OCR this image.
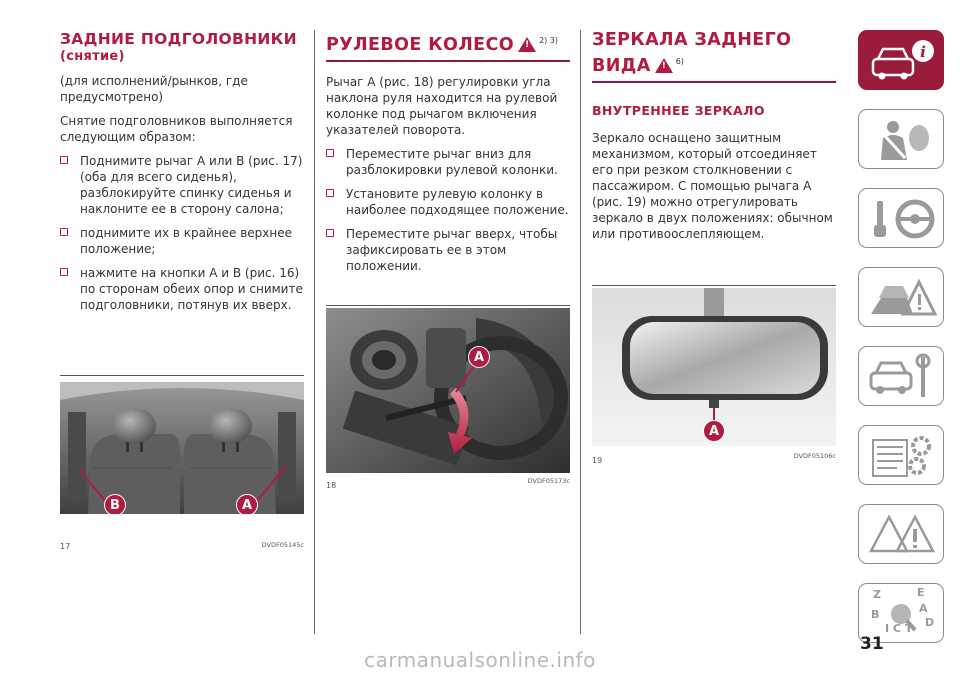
ЗАДНИЕ ПОДГОЛОВНИКИ
(снятие)

(для исполнений/рынков, где предусмотрено)

Снятие подголовников выполняется следующим образом:

Поднимите рычаг A или B (рис. 17) (оба для всего сиденья), разблокируйте спинку сиденья и наклоните ее в сторону салона;
поднимите их в крайнее верхнее положение;
нажмите на кнопки A и B (рис. 16) по сторонам обеих опор и снимите подголовники, потянув их вверх.
B	A
17	DVDF05145c
РУЛЕВОЕ КОЛЕСО !	$^{2) 3)}$

Рычаг A (рис. 18) регулировки угла наклона руля находится на рулевой колонке под рычагом включения указателей поворота.

Переместите рычаг вниз для разблокировки рулевой колонки.
Установите рулевую колонку в наиболее подходящее положение.
Переместите рычаг вверх, чтобы зафиксировать ее в этом положении.
A
18	DVDF05173c
ЗЕРКАЛА ЗАДНЕГО
ВИДА !	$^{6)}$
ВНУТРЕННЕЕ ЗЕРКАЛО

Зеркало оснащено защитным механизмом, который отсоединяет его при резком столкновении с пассажиром. С помощью рычага A (рис. 19) можно отрегулировать зеркало в двух положениях: обычном или противоослепляющем.

A
19	DVDF05106c
i
Z	E
A
B
C D
T
I
31
carmanualsonline.info
